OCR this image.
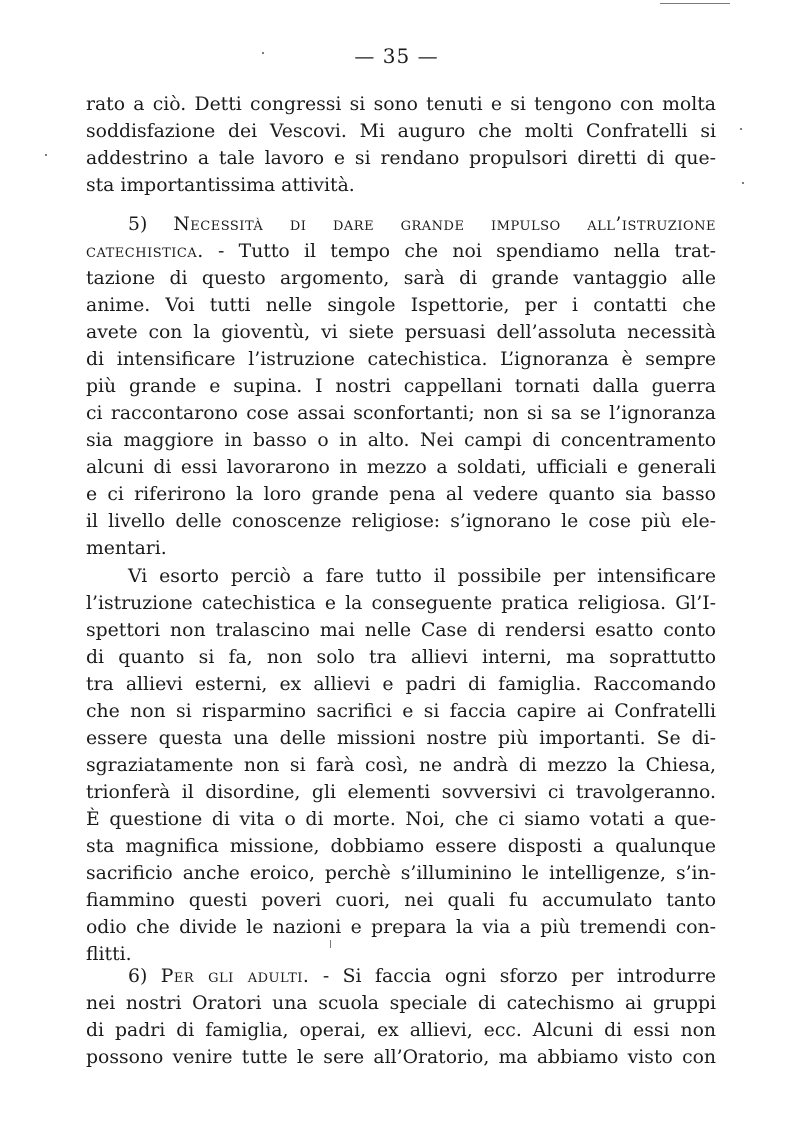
— 35 —
rato a ciò. Detti congressi si sono tenuti e si tengono con molta
soddisfazione dei Vescovi. Mi auguro che molti Confratelli si
addestrino a tale lavoro e si rendano propulsori diretti di que-
sta importantissima attività.
5) Necessità di dare grande impulso all’istruzione
catechistica. - Tutto il tempo che noi spendiamo nella trat-
tazione di questo argomento, sarà di grande vantaggio alle
anime. Voi tutti nelle singole Ispettorie, per i contatti che
avete con la gioventù, vi siete persuasi dell’assoluta necessità
di intensificare l’istruzione catechistica. L’ignoranza è sempre
più grande e supina. I nostri cappellani tornati dalla guerra
ci raccontarono cose assai sconfortanti; non si sa se l’ignoranza
sia maggiore in basso o in alto. Nei campi di concentramento
alcuni di essi lavorarono in mezzo a soldati, ufficiali e generali
e ci riferirono la loro grande pena al vedere quanto sia basso
il livello delle conoscenze religiose: s’ignorano le cose più ele-
mentari.
Vi esorto perciò a fare tutto il possibile per intensificare
l’istruzione catechistica e la conseguente pratica religiosa. Gl’I-
spettori non tralascino mai nelle Case di rendersi esatto conto
di quanto si fa, non solo tra allievi interni, ma soprattutto
tra allievi esterni, ex allievi e padri di famiglia. Raccomando
che non si risparmino sacrifici e si faccia capire ai Confratelli
essere questa una delle missioni nostre più importanti. Se di-
sgraziatamente non si farà così, ne andrà di mezzo la Chiesa,
trionferà il disordine, gli elementi sovversivi ci travolgeranno.
È questione di vita o di morte. Noi, che ci siamo votati a que-
sta magnifica missione, dobbiamo essere disposti a qualunque
sacrificio anche eroico, perchè s’illuminino le intelligenze, s’in-
fiammino questi poveri cuori, nei quali fu accumulato tanto
odio che divide le nazioni e prepara la via a più tremendi con-
flitti.
6) Per gli adulti. - Si faccia ogni sforzo per introdurre
nei nostri Oratori una scuola speciale di catechismo ai gruppi
di padri di famiglia, operai, ex allievi, ecc. Alcuni di essi non
possono venire tutte le sere all’Oratorio, ma abbiamo visto con
